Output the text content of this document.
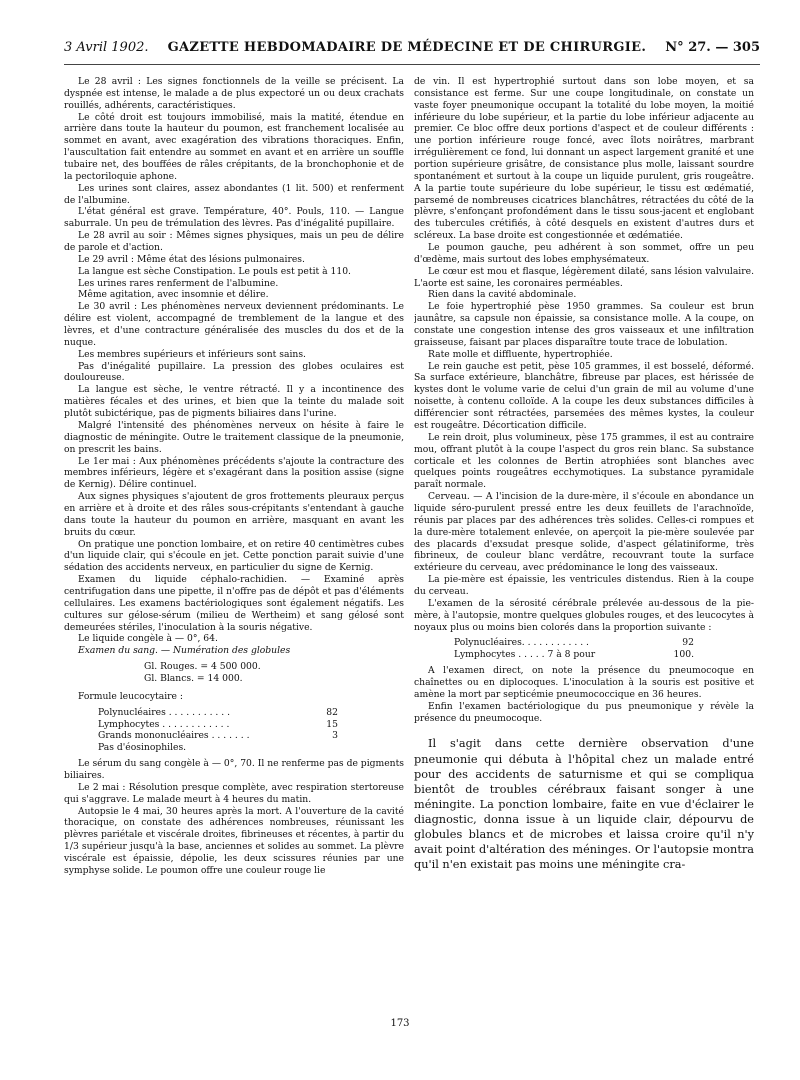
3 Avril 1902. GAZETTE HEBDOMADAIRE DE MÉDECINE ET DE CHIRURGIE. N° 27. — 305

Le 28 avril : Les signes fonctionnels de la veille se précisent. La dyspnée est intense, le malade a de plus expectoré un ou deux crachats rouillés, adhérents, caractéristiques.

Le côté droit est toujours immobilisé, mais la matité, étendue en arrière dans toute la hauteur du poumon, est franchement localisée au sommet en avant, avec exagération des vibrations thoraciques. Enfin, l'auscultation fait entendre au sommet en avant et en arrière un souffle tubaire net, des bouffées de râles crépitants, de la bronchophonie et de la pectoriloquie aphone.

Les urines sont claires, assez abondantes (1 lit. 500) et renferment de l'albumine.

L'état général est grave. Température, 40°. Pouls, 110. — Langue saburrale. Un peu de trémulation des lèvres. Pas d'inégalité pupillaire.

Le 28 avril au soir : Mêmes signes physiques, mais un peu de délire de parole et d'action.

Le 29 avril : Même état des lésions pulmonaires.

La langue est sèche Constipation. Le pouls est petit à 110.

Les urines rares renferment de l'albumine.

Même agitation, avec insomnie et délire.

Le 30 avril : Les phénomènes nerveux deviennent prédominants. Le délire est violent, accompagné de tremblement de la langue et des lèvres, et d'une contracture généralisée des muscles du dos et de la nuque.

Les membres supérieurs et inférieurs sont sains.

Pas d'inégalité pupillaire. La pression des globes oculaires est douloureuse.

La langue est sèche, le ventre rétracté. Il y a incontinence des matières fécales et des urines, et bien que la teinte du malade soit plutôt subictérique, pas de pigments biliaires dans l'urine.

Malgré l'intensité des phénomènes nerveux on hésite à faire le diagnostic de méningite. Outre le traitement classique de la pneumonie, on prescrit les bains.

Le 1er mai : Aux phénomènes précédents s'ajoute la contracture des membres inférieurs, légère et s'exagérant dans la position assise (signe de Kernig). Délire continuel.

Aux signes physiques s'ajoutent de gros frottements pleuraux perçus en arrière et à droite et des râles sous-crépitants s'entendant à gauche dans toute la hauteur du poumon en arrière, masquant en avant les bruits du cœur.

On pratique une ponction lombaire, et on retire 40 centimètres cubes d'un liquide clair, qui s'écoule en jet. Cette ponction parait suivie d'une sédation des accidents nerveux, en particulier du signe de Kernig.

Examen du liquide céphalo-rachidien. — Examiné après centrifugation dans une pipette, il n'offre pas de dépôt et pas d'éléments cellulaires. Les examens bactériologiques sont également négatifs. Les cultures sur gélose-sérum (milieu de Wertheim) et sang gélosé sont demeurées stériles, l'inoculation à la souris négative.

Le liquide congèle à — 0°, 64.

Examen du sang. — Numération des globules

Gl. Rouges. = 4 500 000.
Gl. Blancs. = 14 000.

Formule leucocytaire :

Polynucléaires . . . . . . . . . . .	82
Lymphocytes . . . . . . . . . . . .	15
Grands mononucléaires . . . . . . .	3
Pas d'éosinophiles.

Le sérum du sang congèle à — 0°, 70. Il ne renferme pas de pigments biliaires.

Le 2 mai : Résolution presque complète, avec respiration stertoreuse qui s'aggrave. Le malade meurt à 4 heures du matin.

Autopsie le 4 mai, 30 heures après la mort. A l'ouverture de la cavité thoracique, on constate des adhérences nombreuses, réunissant les plèvres pariétale et viscérale droites, fibrineuses et récentes, à partir du 1/3 supérieur jusqu'à la base, anciennes et solides au sommet. La plèvre viscérale est épaissie, dépolie, les deux scissures réunies par une symphyse solide. Le poumon offre une couleur rouge lie

de vin. Il est hypertrophié surtout dans son lobe moyen, et sa consistance est ferme. Sur une coupe longitudinale, on constate un vaste foyer pneumonique occupant la totalité du lobe moyen, la moitié inférieure du lobe supérieur, et la partie du lobe inférieur adjacente au premier. Ce bloc offre deux portions d'aspect et de couleur différents : une portion inférieure rouge foncé, avec îlots noirâtres, marbrant irrégulièrement ce fond, lui donnant un aspect largement granité et une portion supérieure grisâtre, de consistance plus molle, laissant sourdre spontanément et surtout à la coupe un liquide purulent, gris rougeâtre. A la partie toute supérieure du lobe supérieur, le tissu est œdématié, parsemé de nombreuses cicatrices blanchâtres, rétractées du côté de la plèvre, s'enfonçant profondément dans le tissu sous-jacent et englobant des tubercules crétifiés, à côté desquels en existent d'autres durs et scléreux. La base droite est congestionnée et œdématiée.

Le poumon gauche, peu adhérent à son sommet, offre un peu d'œdème, mais surtout des lobes emphysémateux.

Le cœur est mou et flasque, légèrement dilaté, sans lésion valvulaire. L'aorte est saine, les coronaires perméables.

Rien dans la cavité abdominale.

Le foie hypertrophié pèse 1950 grammes. Sa couleur est brun jaunâtre, sa capsule non épaissie, sa consistance molle. A la coupe, on constate une congestion intense des gros vaisseaux et une infiltration graisseuse, faisant par places disparaître toute trace de lobulation.

Rate molle et diffluente, hypertrophiée.

Le rein gauche est petit, pèse 105 grammes, il est bosselé, déformé. Sa surface extérieure, blanchâtre, fibreuse par places, est hérissée de kystes dont le volume varie de celui d'un grain de mil au volume d'une noisette, à contenu colloïde. A la coupe les deux substances difficiles à différencier sont rétractées, parsemées des mêmes kystes, la couleur est rougeâtre. Décortication difficile.

Le rein droit, plus volumineux, pèse 175 grammes, il est au contraire mou, offrant plutôt à la coupe l'aspect du gros rein blanc. Sa substance corticale et les colonnes de Bertin atrophiées sont blanches avec quelques points rougeâtres ecchymotiques. La substance pyramidale paraît normale.

Cerveau. — A l'incision de la dure-mère, il s'écoule en abondance un liquide séro-purulent pressé entre les deux feuillets de l'arachnoïde, réunis par places par des adhérences très solides. Celles-ci rompues et la dure-mère totalement enlevée, on aperçoit la pie-mère soulevée par des placards d'exsudat presque solide, d'aspect gélatiniforme, très fibrineux, de couleur blanc verdâtre, recouvrant toute la surface extérieure du cerveau, avec prédominance le long des vaisseaux.

La pie-mère est épaissie, les ventricules distendus. Rien à la coupe du cerveau.

L'examen de la sérosité cérébrale prélevée au-dessous de la pie-mère, à l'autopsie, montre quelques globules rouges, et des leucocytes à noyaux plus ou moins bien colorés dans la proportion suivante :

Polynucléaires. . . . . . . . . . . .	92
Lymphocytes . . . . . 7 à 8 pour	100.

A l'examen direct, on note la présence du pneumocoque en chaînettes ou en diplocoques. L'inoculation à la souris est positive et amène la mort par septicémie pneumococcique en 36 heures.

Enfin l'examen bactériologique du pus pneumonique y révèle la présence du pneumocoque.

Il s'agit dans cette dernière observation d'une pneumonie qui débuta à l'hôpital chez un malade entré pour des accidents de saturnisme et qui se compliqua bientôt de troubles cérébraux faisant songer à une méningite. La ponction lombaire, faite en vue d'éclairer le diagnostic, donna issue à un liquide clair, dépourvu de globules blancs et de microbes et laissa croire qu'il n'y avait point d'altération des méninges. Or l'autopsie montra qu'il n'en existait pas moins une méningite cra-

173
